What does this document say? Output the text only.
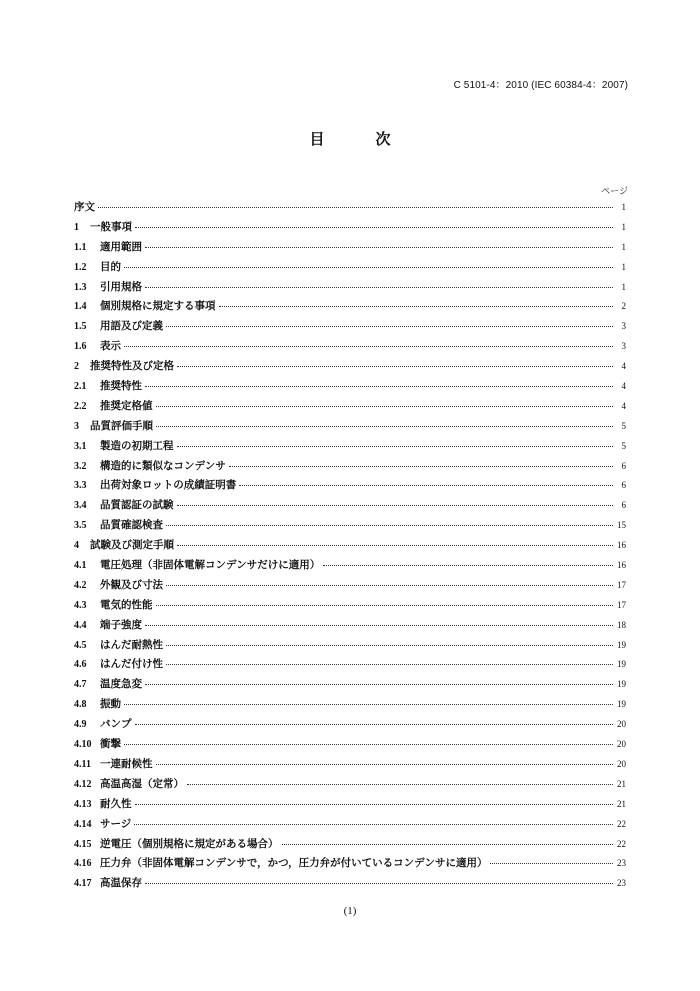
C 5101-4：2010 (IEC 60384-4：2007)
目　次
ページ
序文	1
1	一般事項	1
1.1	適用範囲	1
1.2	目的	1
1.3	引用規格	1
1.4	個別規格に規定する事項	2
1.5	用語及び定義	3
1.6	表示	3
2	推奨特性及び定格	4
2.1	推奨特性	4
2.2	推奨定格値	4
3	品質評価手順	5
3.1	製造の初期工程	5
3.2	構造的に類似なコンデンサ	6
3.3	出荷対象ロットの成績証明書	6
3.4	品質認証の試験	6
3.5	品質確認検査	15
4	試験及び測定手順	16
4.1	電圧処理（非固体電解コンデンサだけに適用）	16
4.2	外観及び寸法	17
4.3	電気的性能	17
4.4	端子強度	18
4.5	はんだ耐熱性	19
4.6	はんだ付け性	19
4.7	温度急変	19
4.8	振動	19
4.9	バンプ	20
4.10 衝撃	20
4.11 一連耐候性	20
4.12 高温高湿（定常）	21
4.13 耐久性	21
4.14 サージ	22
4.15 逆電圧（個別規格に規定がある場合）	22
4.16 圧力弁（非固体電解コンデンサで，かつ，圧力弁が付いているコンデンサに適用）	23
4.17 高温保存	23
(1)
